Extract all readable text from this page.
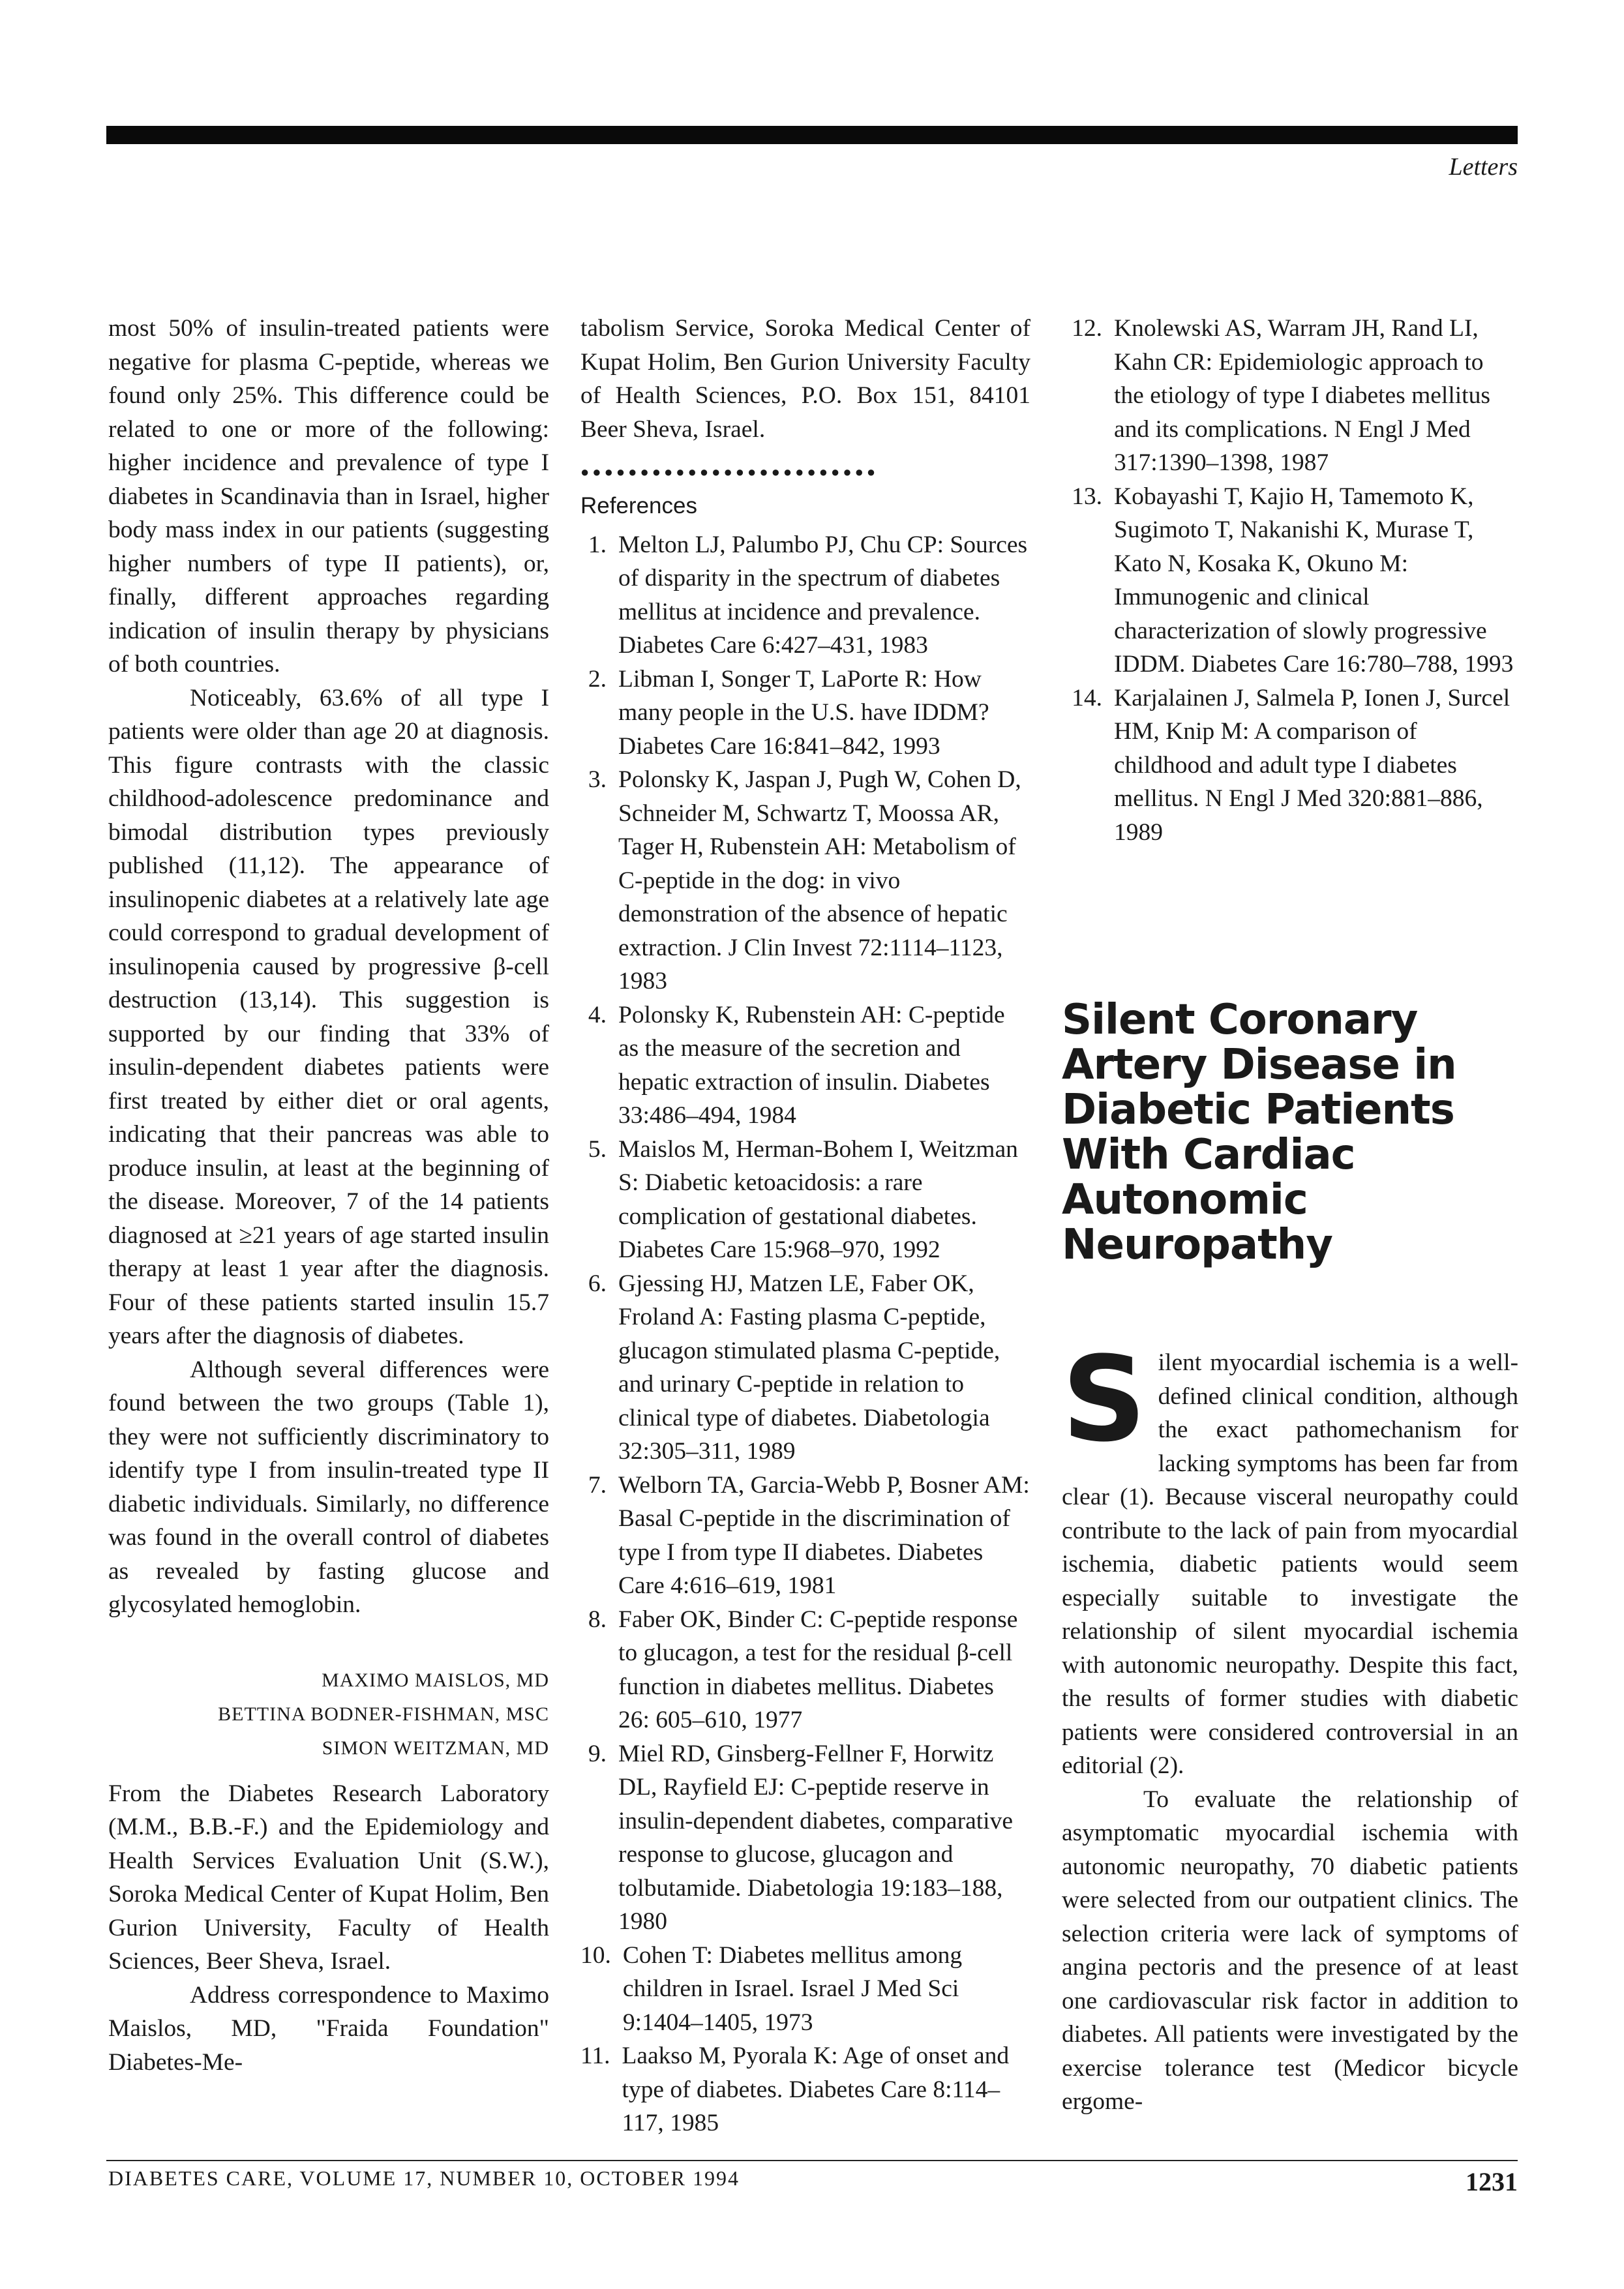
Letters

most 50% of insulin-treated patients were negative for plasma C-peptide, whereas we found only 25%. This difference could be related to one or more of the following: higher incidence and prevalence of type I diabetes in Scandinavia than in Israel, higher body mass index in our patients (suggesting higher numbers of type II patients), or, finally, different approaches regarding indication of insulin therapy by physicians of both countries.

Noticeably, 63.6% of all type I patients were older than age 20 at diagnosis. This figure contrasts with the classic childhood-adolescence predominance and bimodal distribution types previously published (11,12). The appearance of insulinopenic diabetes at a relatively late age could correspond to gradual development of insulinopenia caused by progressive β-cell destruction (13,14). This suggestion is supported by our finding that 33% of insulin-dependent diabetes patients were first treated by either diet or oral agents, indicating that their pancreas was able to produce insulin, at least at the beginning of the disease. Moreover, 7 of the 14 patients diagnosed at ≥21 years of age started insulin therapy at least 1 year after the diagnosis. Four of these patients started insulin 15.7 years after the diagnosis of diabetes.

Although several differences were found between the two groups (Table 1), they were not sufficiently discriminatory to identify type I from insulin-treated type II diabetic individuals. Similarly, no difference was found in the overall control of diabetes as revealed by fasting glucose and glycosylated hemoglobin.

MAXIMO MAISLOS, MD
BETTINA BODNER-FISHMAN, MSC
SIMON WEITZMAN, MD

From the Diabetes Research Laboratory (M.M., B.B.-F.) and the Epidemiology and Health Services Evaluation Unit (S.W.), Soroka Medical Center of Kupat Holim, Ben Gurion University, Faculty of Health Sciences, Beer Sheva, Israel.

Address correspondence to Maximo Maislos, MD, "Fraida Foundation" Diabetes-Me-

tabolism Service, Soroka Medical Center of Kupat Holim, Ben Gurion University Faculty of Health Sciences, P.O. Box 151, 84101 Beer Sheva, Israel.

●●●●●●●●●●●●●●●●●●●●●●●●●
References
1. Melton LJ, Palumbo PJ, Chu CP: Sources of disparity in the spectrum of diabetes mellitus at incidence and prevalence. Diabetes Care 6:427–431, 1983
2. Libman I, Songer T, LaPorte R: How many people in the U.S. have IDDM? Diabetes Care 16:841–842, 1993
3. Polonsky K, Jaspan J, Pugh W, Cohen D, Schneider M, Schwartz T, Moossa AR, Tager H, Rubenstein AH: Metabolism of C-peptide in the dog: in vivo demonstration of the absence of hepatic extraction. J Clin Invest 72:1114–1123, 1983
4. Polonsky K, Rubenstein AH: C-peptide as the measure of the secretion and hepatic extraction of insulin. Diabetes 33:486–494, 1984
5. Maislos M, Herman-Bohem I, Weitzman S: Diabetic ketoacidosis: a rare complication of gestational diabetes. Diabetes Care 15:968–970, 1992
6. Gjessing HJ, Matzen LE, Faber OK, Froland A: Fasting plasma C-peptide, glucagon stimulated plasma C-peptide, and urinary C-peptide in relation to clinical type of diabetes. Diabetologia 32:305–311, 1989
7. Welborn TA, Garcia-Webb P, Bosner AM: Basal C-peptide in the discrimination of type I from type II diabetes. Diabetes Care 4:616–619, 1981
8. Faber OK, Binder C: C-peptide response to glucagon, a test for the residual β-cell function in diabetes mellitus. Diabetes 26: 605–610, 1977
9. Miel RD, Ginsberg-Fellner F, Horwitz DL, Rayfield EJ: C-peptide reserve in insulin-dependent diabetes, comparative response to glucose, glucagon and tolbutamide. Diabetologia 19:183–188, 1980
10. Cohen T: Diabetes mellitus among children in Israel. Israel J Med Sci 9:1404–1405, 1973
11. Laakso M, Pyorala K: Age of onset and type of diabetes. Diabetes Care 8:114–117, 1985
12. Knolewski AS, Warram JH, Rand LI, Kahn CR: Epidemiologic approach to the etiology of type I diabetes mellitus and its complications. N Engl J Med 317:1390–1398, 1987
13. Kobayashi T, Kajio H, Tamemoto K, Sugimoto T, Nakanishi K, Murase T, Kato N, Kosaka K, Okuno M: Immunogenic and clinical characterization of slowly progressive IDDM. Diabetes Care 16:780–788, 1993
14. Karjalainen J, Salmela P, Ionen J, Surcel HM, Knip M: A comparison of childhood and adult type I diabetes mellitus. N Engl J Med 320:881–886, 1989
Silent Coronary
Artery Disease in
Diabetic Patients
With Cardiac
Autonomic
Neuropathy

Silent myocardial ischemia is a well-defined clinical condition, although the exact pathomechanism for lacking symptoms has been far from clear (1). Because visceral neuropathy could contribute to the lack of pain from myocardial ischemia, diabetic patients would seem especially suitable to investigate the relationship of silent myocardial ischemia with autonomic neuropathy. Despite this fact, the results of former studies with diabetic patients were considered controversial in an editorial (2).

To evaluate the relationship of asymptomatic myocardial ischemia with autonomic neuropathy, 70 diabetic patients were selected from our outpatient clinics. The selection criteria were lack of symptoms of angina pectoris and the presence of at least one cardiovascular risk factor in addition to diabetes. All patients were investigated by the exercise tolerance test (Medicor bicycle ergome-

DIABETES CARE, VOLUME 17, NUMBER 10, OCTOBER 1994	1231
